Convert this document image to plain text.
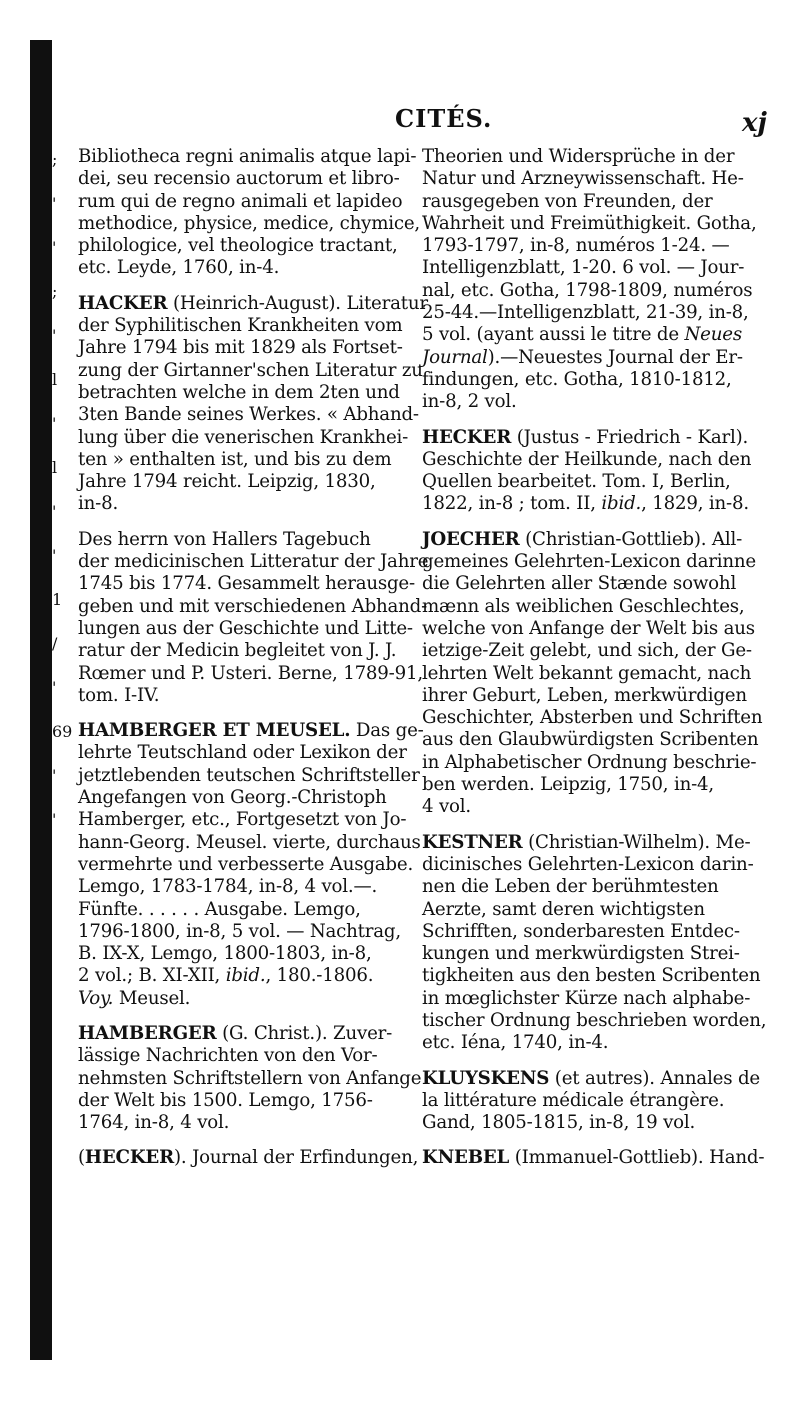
;
'
'
;
'
l
'
l
'
'
1
/
'
69
'
'
CITÉS.	xj
Bibliotheca regni animalis atque lapi-
dei, seu recensio auctorum et libro-
rum qui de regno animali et lapideo
methodice, physice, medice, chymice,
philologice, vel theologice tractant,
etc. Leyde, 1760, in-4.
HACKER (Heinrich-August). Literatur
der Syphilitischen Krankheiten vom
Jahre 1794 bis mit 1829 als Fortset-
zung der Girtanner'schen Literatur zu
betrachten welche in dem 2ten und
3ten Bande seines Werkes. « Abhand-
lung über die venerischen Krankhei-
ten » enthalten ist, und bis zu dem
Jahre 1794 reicht. Leipzig, 1830,
in-8.
Des herrn von Hallers Tagebuch
der medicinischen Litteratur der Jahre
1745 bis 1774. Gesammelt herausge-
geben und mit verschiedenen Abhand-
lungen aus der Geschichte und Litte-
ratur der Medicin begleitet von J. J.
Rœmer und P. Usteri. Berne, 1789-91,
tom. I-IV.
HAMBERGER ET MEUSEL. Das ge-
lehrte Teutschland oder Lexikon der
jetztlebenden teutschen Schriftsteller
Angefangen von Georg.-Christoph
Hamberger, etc., Fortgesetzt von Jo-
hann-Georg. Meusel. vierte, durchaus
vermehrte und verbesserte Ausgabe.
Lemgo, 1783-1784, in-8, 4 vol.—.
Fünfte. . . . . . Ausgabe. Lemgo,
1796-1800, in-8, 5 vol. — Nachtrag,
B. IX-X, Lemgo, 1800-1803, in-8,
2 vol.; B. XI-XII, ibid., 180.-1806.
Voy. Meusel.
HAMBERGER (G. Christ.). Zuver-
lässige Nachrichten von den Vor-
nehmsten Schriftstellern von Anfange
der Welt bis 1500. Lemgo, 1756-
1764, in-8, 4 vol.
(HECKER). Journal der Erfindungen,
Theorien und Widersprüche in der
Natur und Arzneywissenschaft. He-
rausgegeben von Freunden, der
Wahrheit und Freimüthigkeit. Gotha,
1793-1797, in-8, numéros 1-24. —
Intelligenzblatt, 1-20. 6 vol. — Jour-
nal, etc. Gotha, 1798-1809, numéros
25-44.—Intelligenzblatt, 21-39, in-8,
5 vol. (ayant aussi le titre de Neues
Journal).—Neuestes Journal der Er-
findungen, etc. Gotha, 1810-1812,
in-8, 2 vol.
HECKER (Justus - Friedrich - Karl).
Geschichte der Heilkunde, nach den
Quellen bearbeitet. Tom. I, Berlin,
1822, in-8 ; tom. II, ibid., 1829, in-8.
JOECHER (Christian-Gottlieb). All-
gemeines Gelehrten-Lexicon darinne
die Gelehrten aller Stænde sowohl
mænn als weiblichen Geschlechtes,
welche von Anfange der Welt bis aus
ietzige-Zeit gelebt, und sich, der Ge-
lehrten Welt bekannt gemacht, nach
ihrer Geburt, Leben, merkwürdigen
Geschichter, Absterben und Schriften
aus den Glaubwürdigsten Scribenten
in Alphabetischer Ordnung beschrie-
ben werden. Leipzig, 1750, in-4,
4 vol.
KESTNER (Christian-Wilhelm). Me-
dicinisches Gelehrten-Lexicon darin-
nen die Leben der berühmtesten
Aerzte, samt deren wichtigsten
Schrifften, sonderbaresten Entdec-
kungen und merkwürdigsten Strei-
tigkheiten aus den besten Scribenten
in mœglichster Kürze nach alphabe-
tischer Ordnung beschrieben worden,
etc. Iéna, 1740, in-4.
KLUYSKENS (et autres). Annales de
la littérature médicale étrangère.
Gand, 1805-1815, in-8, 19 vol.
KNEBEL (Immanuel-Gottlieb). Hand-
